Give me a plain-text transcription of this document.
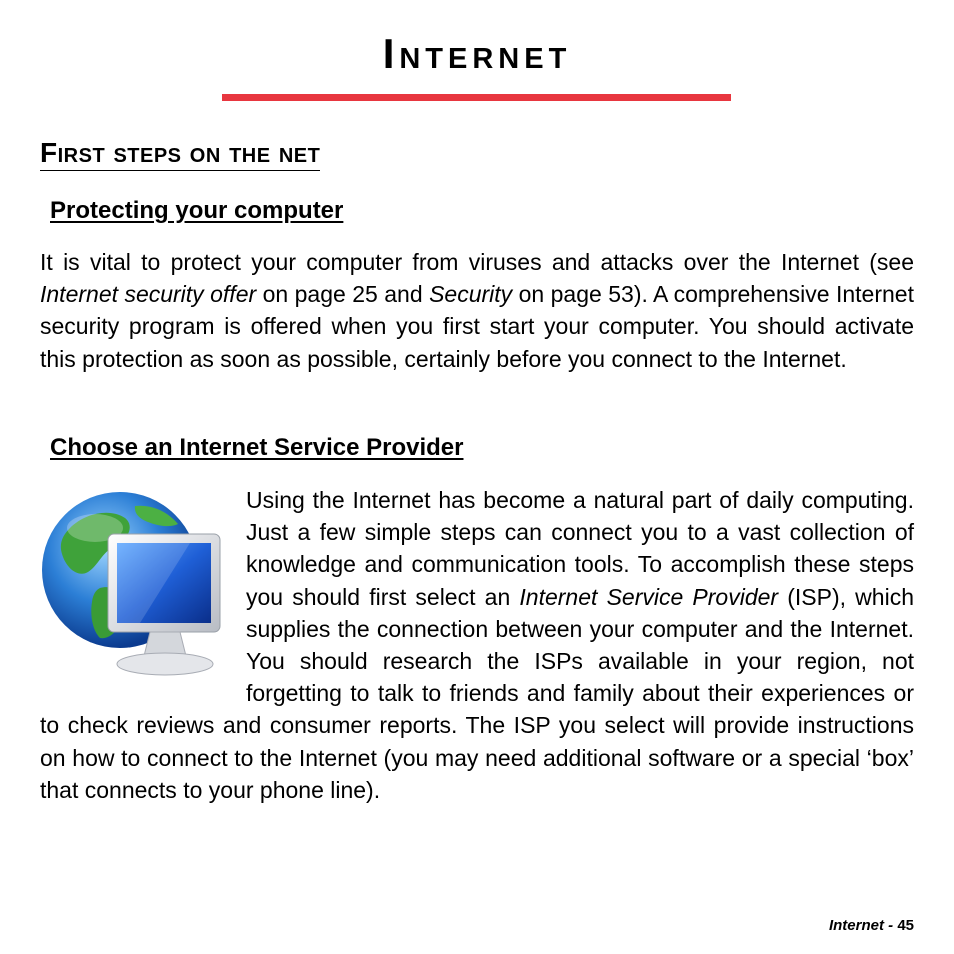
Internet
First steps on the net
Protecting your computer

It is vital to protect your computer from viruses and attacks over the Internet (see Internet security offer on page 25 and Security on page 53). A comprehensive Internet security program is offered when you first start your computer. You should activate this protection as soon as possible, certainly before you connect to the Internet.

Choose an Internet Service Provider
Using the Internet has become a natural part of daily computing. Just a few simple steps can connect you to a vast collection of knowledge and communication tools. To accomplish these steps you should first select an Internet Service Provider (ISP), which supplies the connection between your computer and the Internet. You should research the ISPs available in your region, not forgetting to talk to friends and family about their experiences or to check reviews and consumer reports. The ISP you select will provide instructions on how to connect to the Internet (you may need additional software or a special ‘box’ that connects to your phone line).
Internet - 45
